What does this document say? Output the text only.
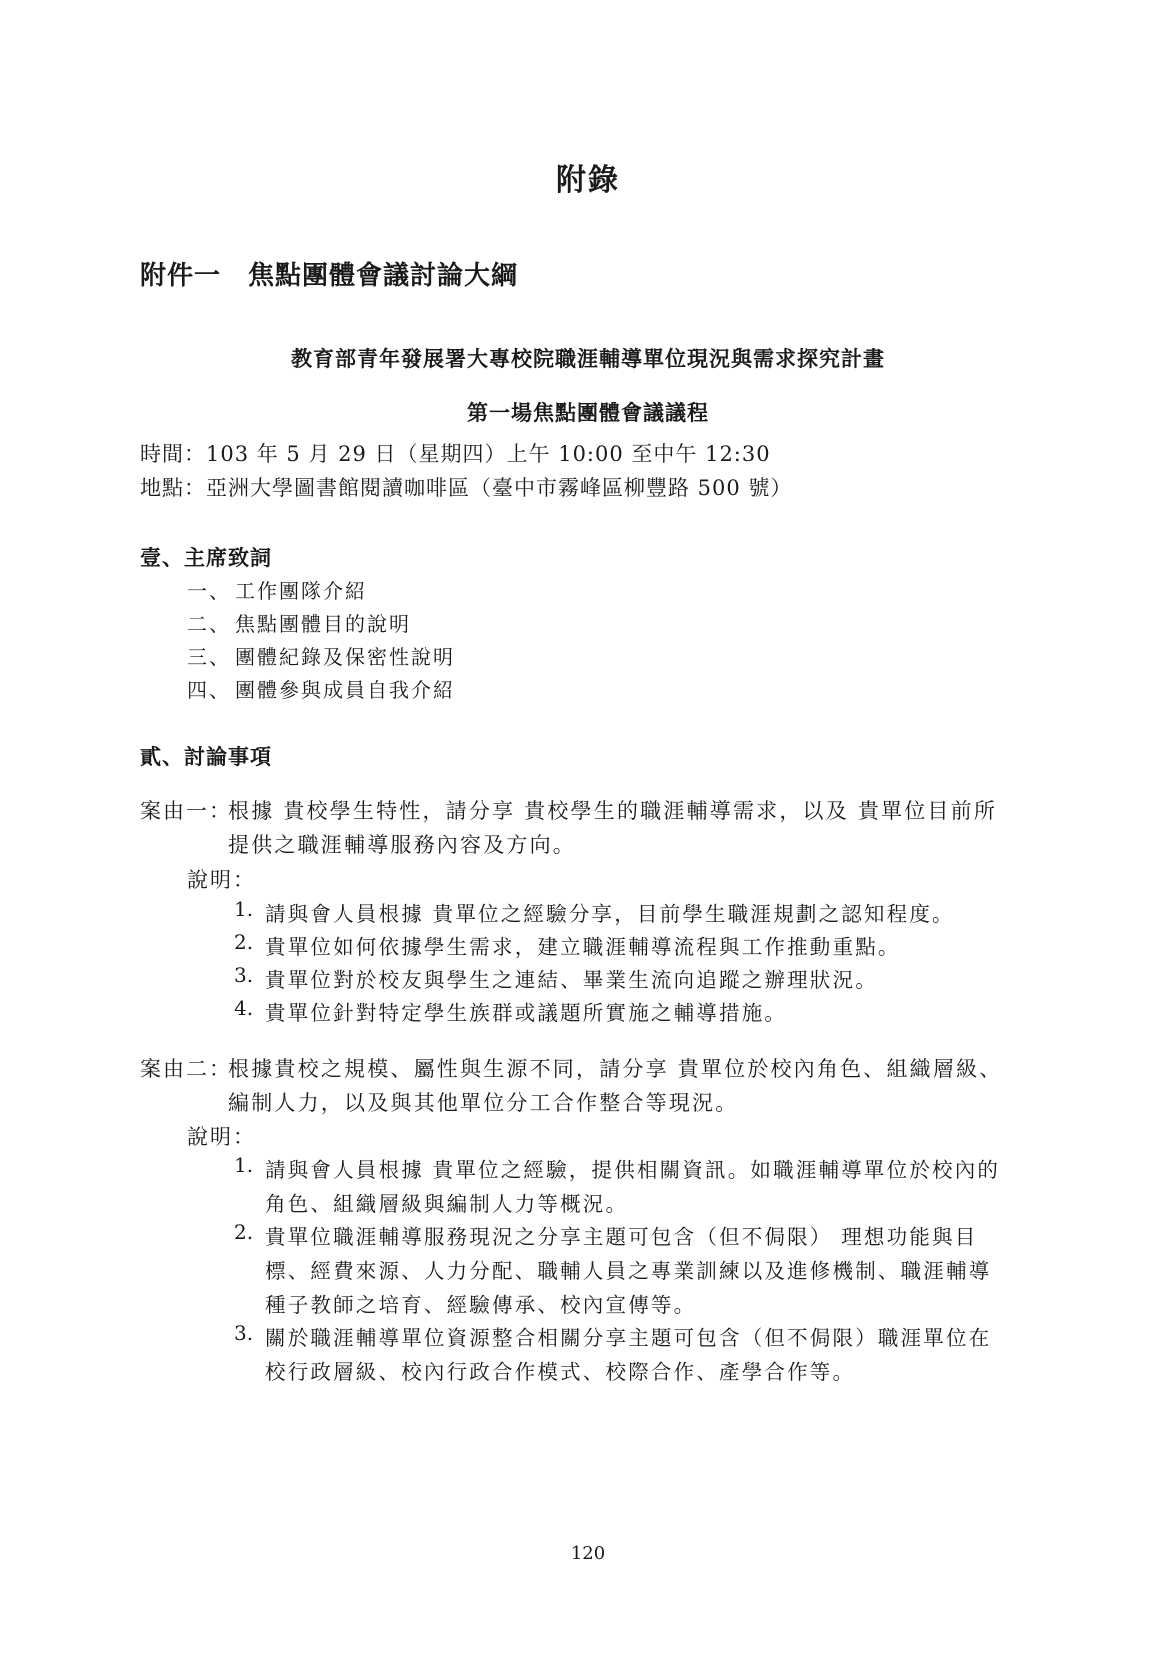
附錄
附件一　焦點團體會議討論大綱
教育部青年發展署大專校院職涯輔導單位現況與需求探究計畫
第一場焦點團體會議議程
時間：103 年 5 月 29 日（星期四）上午 10:00 至中午 12:30
地點：亞洲大學圖書館閱讀咖啡區（臺中市霧峰區柳豐路 500 號）
壹、主席致詞
一、 工作團隊介紹
二、 焦點團體目的說明
三、 團體紀錄及保密性說明
四、 團體參與成員自我介紹
貳、討論事項
案由一：
根據 貴校學生特性，請分享 貴校學生的職涯輔導需求，以及 貴單位目前所
提供之職涯輔導服務內容及方向。
說明：
1. 請與會人員根據 貴單位之經驗分享，目前學生職涯規劃之認知程度。
2. 貴單位如何依據學生需求，建立職涯輔導流程與工作推動重點。
3. 貴單位對於校友與學生之連結、畢業生流向追蹤之辦理狀況。
4. 貴單位針對特定學生族群或議題所實施之輔導措施。
案由二：
根據貴校之規模、屬性與生源不同，請分享 貴單位於校內角色、組織層級、
編制人力，以及與其他單位分工合作整合等現況。
說明：
1. 請與會人員根據 貴單位之經驗，提供相關資訊。如職涯輔導單位於校內的
角色、組織層級與編制人力等概況。
2. 貴單位職涯輔導服務現況之分享主題可包含（但不侷限） 理想功能與目
標、經費來源、人力分配、職輔人員之專業訓練以及進修機制、職涯輔導
種子教師之培育、經驗傳承、校內宣傳等。
3. 關於職涯輔導單位資源整合相關分享主題可包含（但不侷限）職涯單位在
校行政層級、校內行政合作模式、校際合作、產學合作等。
120
